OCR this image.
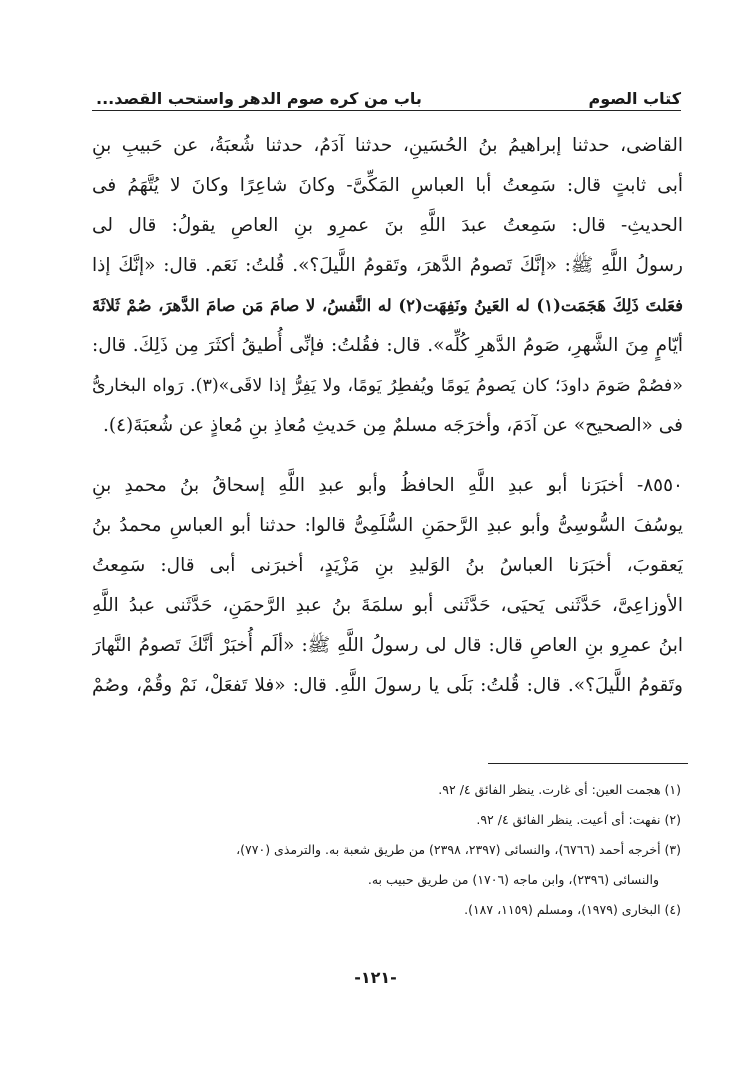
كتاب الصوم
باب من كره صوم الدهر واستحب القصد...
القاضى، حدثنا إبراهيمُ بنُ الحُسَينِ، حدثنا آدَمُ، حدثنا شُعبَةُ، عن حَبيبِ بنِ
أبى ثابتٍ قال: سَمِعتُ أبا العباسِ المَكِّىَّ- وكانَ شاعِرًا وكانَ لا يُتَّهَمُ فى
الحديثِ- قال: سَمِعتُ عبدَ اللَّهِ بنَ عمرِو بنِ العاصِ يقولُ: قال لى
رسولُ اللَّهِ ﷺ: «إنَّكَ تَصومُ الدَّهرَ، وتَقومُ اللَّيلَ؟». قُلتُ: نَعَم. قال: «إنَّكَ إذا
فعَلتَ ذَلِكَ هَجَمَت(١) له العَينُ ونَفِهَت(٢) له النَّفسُ، لا صامَ مَن صامَ الدَّهرَ، صُمْ ثَلاثَةَ
أيّامٍ مِنَ الشَّهرِ، صَومُ الدَّهرِ كُلِّه». قال: فقُلتُ: فإنِّى أُطيقُ أكثَرَ مِن ذَلِكَ. قال:
«فصُمْ صَومَ داودَ؛ كان يَصومُ يَومًا ويُفطِرُ يَومًا، ولا يَفِرُّ إذا لاقَى»(٣). رَواه البخارىُّ
فى «الصحيح» عن آدَمَ، وأخرَجَه مسلمٌ مِن حَديثِ مُعاذِ بنِ مُعاذٍ عن شُعبَةَ(٤).
٨٥٥٠- أخبَرَنا أبو عبدِ اللَّهِ الحافظُ وأبو عبدِ اللَّهِ إسحاقُ بنُ محمدِ بنِ
يوسُفَ السُّوسِىُّ وأبو عبدِ الرَّحمَنِ السُّلَمِىُّ قالوا: حدثنا أبو العباسِ محمدُ بنُ
يَعقوبَ، أخبَرَنا العباسُ بنُ الوَليدِ بنِ مَزْيَدٍ، أخبرَنى أبى قال: سَمِعتُ
الأوزاعِىَّ، حَدَّثَنى يَحيَى، حَدَّثَنى أبو سلمَةَ بنُ عبدِ الرَّحمَنِ، حَدَّثَنى عبدُ اللَّهِ
ابنُ عمرِو بنِ العاصِ قال: قال لى رسولُ اللَّهِ ﷺ: «ألَم أُخبَرْ أنَّكَ تَصومُ النَّهارَ
وتَقومُ اللَّيلَ؟». قال: قُلتُ: بَلَى يا رسولَ اللَّهِ. قال: «فلا تَفعَلْ، نَمْ وقُمْ، وصُمْ
(١) هجمت العين: أى غارت. ينظر الفائق ٤/ ٩٢.
(٢) نفهت: أى أعيت. ينظر الفائق ٤/ ٩٢.
(٣) أخرجه أحمد (٦٧٦٦)، والنسائى (٢٣٩٧، ٢٣٩٨) من طريق شعبة به. والترمذى (٧٧٠)،
والنسائى (٢٣٩٦)، وابن ماجه (١٧٠٦) من طريق حبيب به.
(٤) البخارى (١٩٧٩)، ومسلم (١١٥٩، ١٨٧).
-١٢١-
